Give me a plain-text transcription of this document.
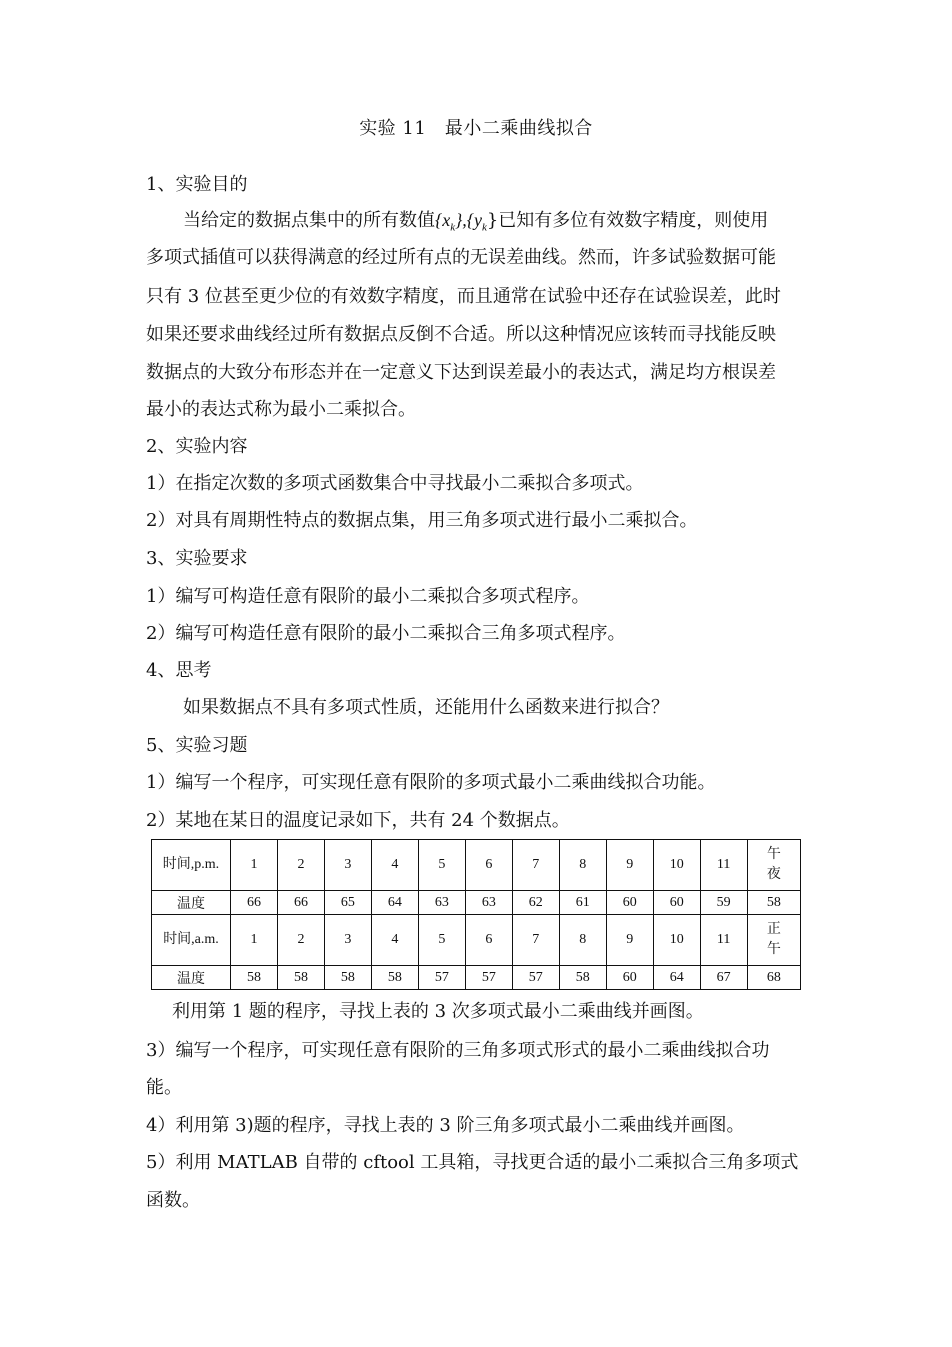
实验 11　最小二乘曲线拟合
1、实验目的
当给定的数据点集中的所有数值$\{x_k\},\{y_k\}$已知有多位有效数字精度，则使用
多项式插值可以获得满意的经过所有点的无误差曲线。然而，许多试验数据可能
只有 3 位甚至更少位的有效数字精度，而且通常在试验中还存在试验误差，此时
如果还要求曲线经过所有数据点反倒不合适。所以这种情况应该转而寻找能反映
数据点的大致分布形态并在一定意义下达到误差最小的表达式，满足均方根误差
最小的表达式称为最小二乘拟合。
2、实验内容
1）在指定次数的多项式函数集合中寻找最小二乘拟合多项式。
2）对具有周期性特点的数据点集，用三角多项式进行最小二乘拟合。
3、实验要求
1）编写可构造任意有限阶的最小二乘拟合多项式程序。
2）编写可构造任意有限阶的最小二乘拟合三角多项式程序。
4、思考
如果数据点不具有多项式性质，还能用什么函数来进行拟合？
5、实验习题
1）编写一个程序，可实现任意有限阶的多项式最小二乘曲线拟合功能。
2）某地在某日的温度记录如下，共有 24 个数据点。
时间,p.m.	1	2	3	4	5	6	7	8	9	10	11	午夜
温度	66	66	65	64	63	63	62	61	60	60	59	58
时间,a.m.	1	2	3	4	5	6	7	8	9	10	11	正午
温度	58	58	58	58	57	57	57	58	60	64	67	68
利用第 1 题的程序，寻找上表的 3 次多项式最小二乘曲线并画图。
3）编写一个程序，可实现任意有限阶的三角多项式形式的最小二乘曲线拟合功
能。
4）利用第 3)题的程序，寻找上表的 3 阶三角多项式最小二乘曲线并画图。
5）利用 MATLAB 自带的 cftool 工具箱，寻找更合适的最小二乘拟合三角多项式
函数。
